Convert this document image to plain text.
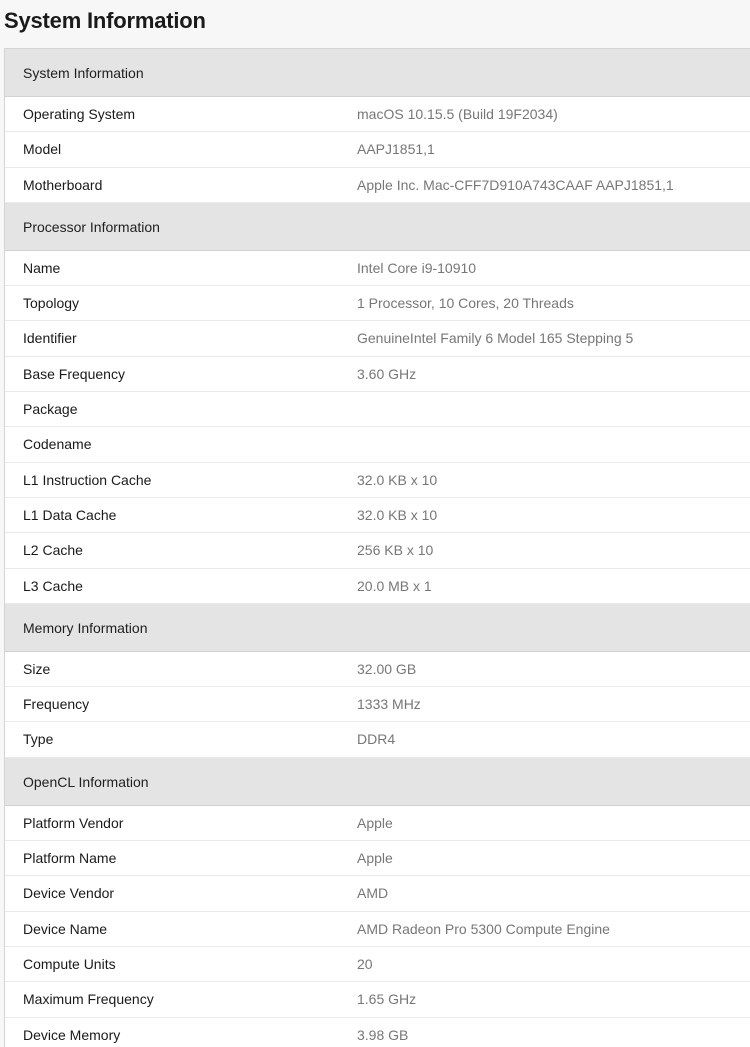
System Information
System Information
Operating System	macOS 10.15.5 (Build 19F2034)
Model	AAPJ1851,1
Motherboard	Apple Inc. Mac-CFF7D910A743CAAF AAPJ1851,1
Processor Information
Name	Intel Core i9-10910
Topology	1 Processor, 10 Cores, 20 Threads
Identifier	GenuineIntel Family 6 Model 165 Stepping 5
Base Frequency	3.60 GHz
Package
Codename
L1 Instruction Cache	32.0 KB x 10
L1 Data Cache	32.0 KB x 10
L2 Cache	256 KB x 10
L3 Cache	20.0 MB x 1
Memory Information
Size	32.00 GB
Frequency	1333 MHz
Type	DDR4
OpenCL Information
Platform Vendor	Apple
Platform Name	Apple
Device Vendor	AMD
Device Name	AMD Radeon Pro 5300 Compute Engine
Compute Units	20
Maximum Frequency	1.65 GHz
Device Memory	3.98 GB
